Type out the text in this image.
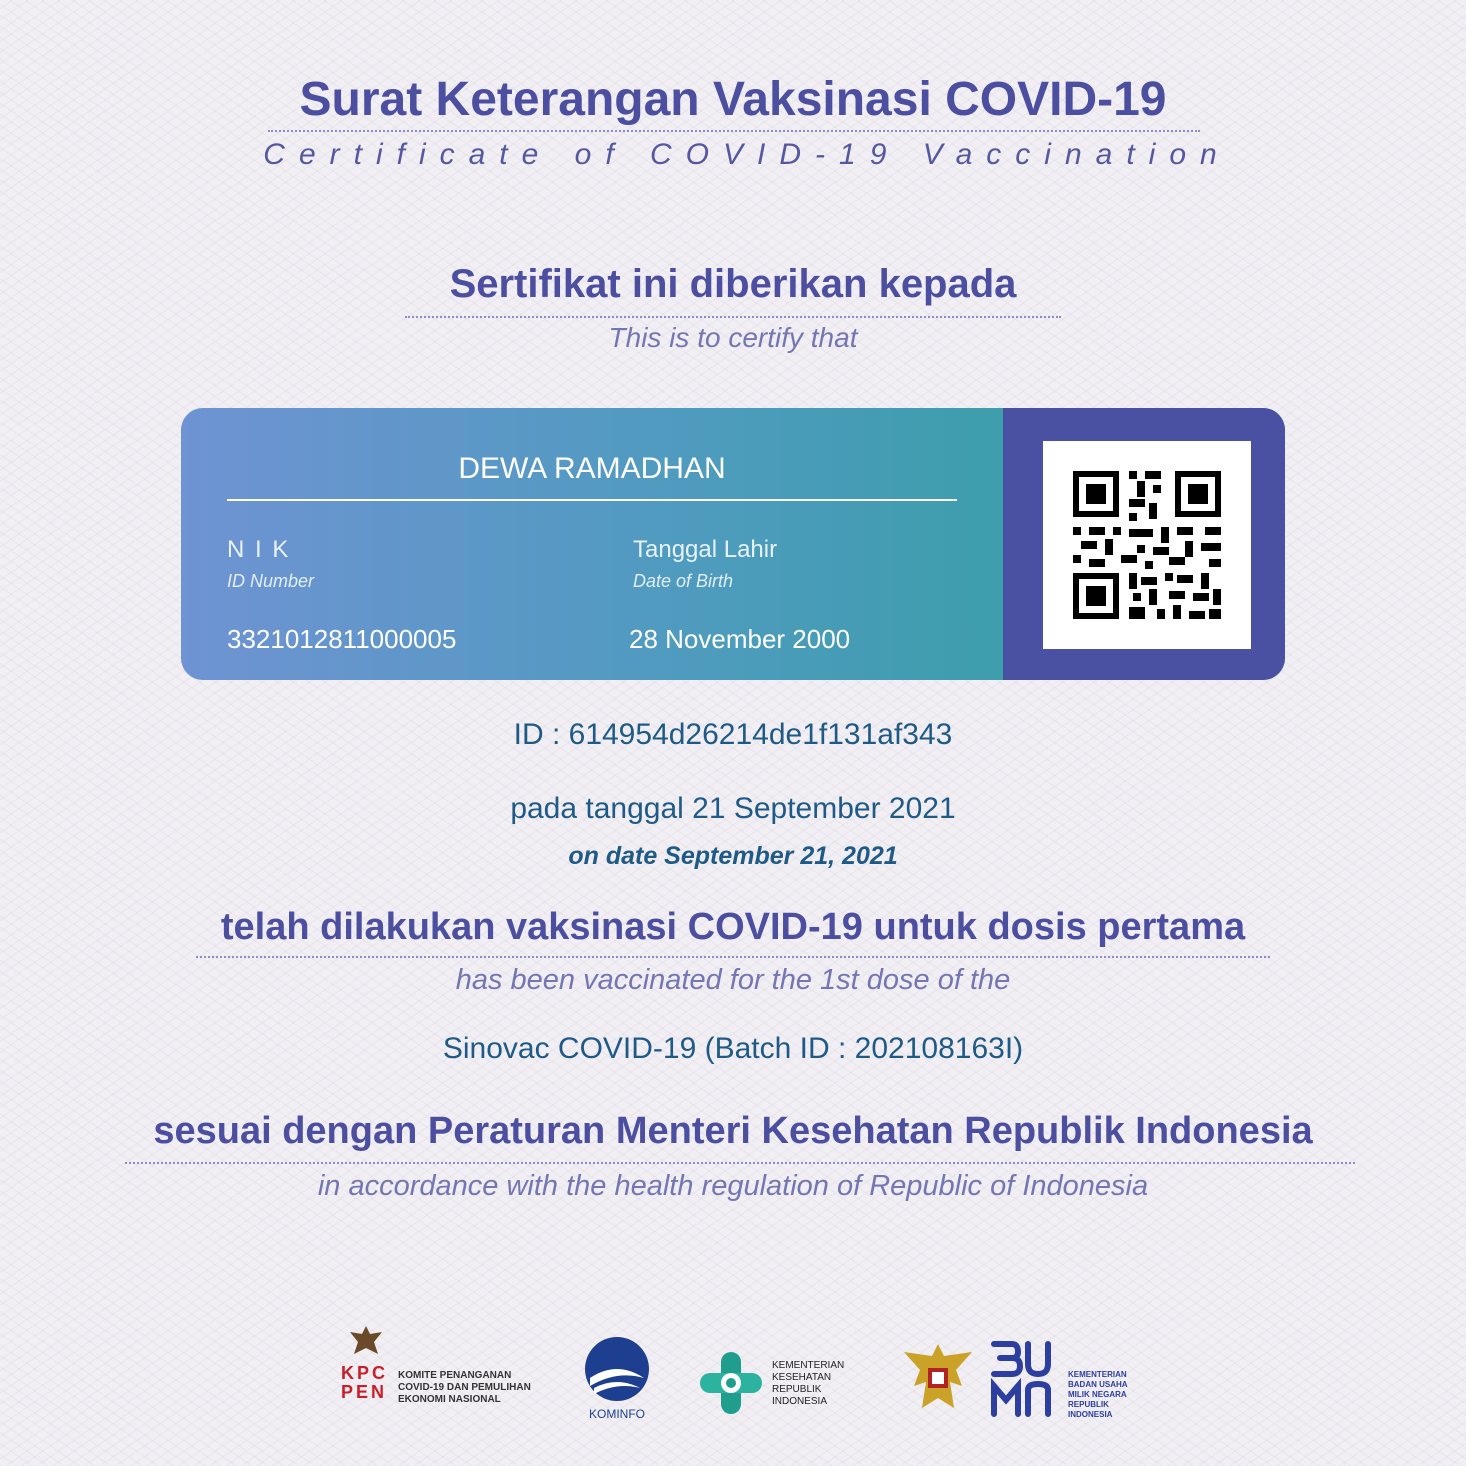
Surat Keterangan Vaksinasi COVID-19
Certificate of COVID-19 Vaccination
Sertifikat ini diberikan kepada
This is to certify that
DEWA RAMADHAN
N I K
ID Number
3321012811000005
Tanggal Lahir
Date of Birth
28 November 2000
ID : 614954d26214de1f131af343
pada tanggal 21 September 2021
on date September 21, 2021
telah dilakukan vaksinasi COVID-19 untuk dosis pertama
has been vaccinated for the 1st dose of the
Sinovac COVID-19 (Batch ID : 202108163I)
sesuai dengan Peraturan Menteri Kesehatan Republik Indonesia
in accordance with the health regulation of Republic of Indonesia
KPC
PEN
KOMITE PENANGANAN COVID-19 DAN PEMULIHAN EKONOMI NASIONAL
KOMINFO
KEMENTERIAN KESEHATAN REPUBLIK INDONESIA
KEMENTERIAN BADAN USAHA MILIK NEGARA REPUBLIK INDONESIA
